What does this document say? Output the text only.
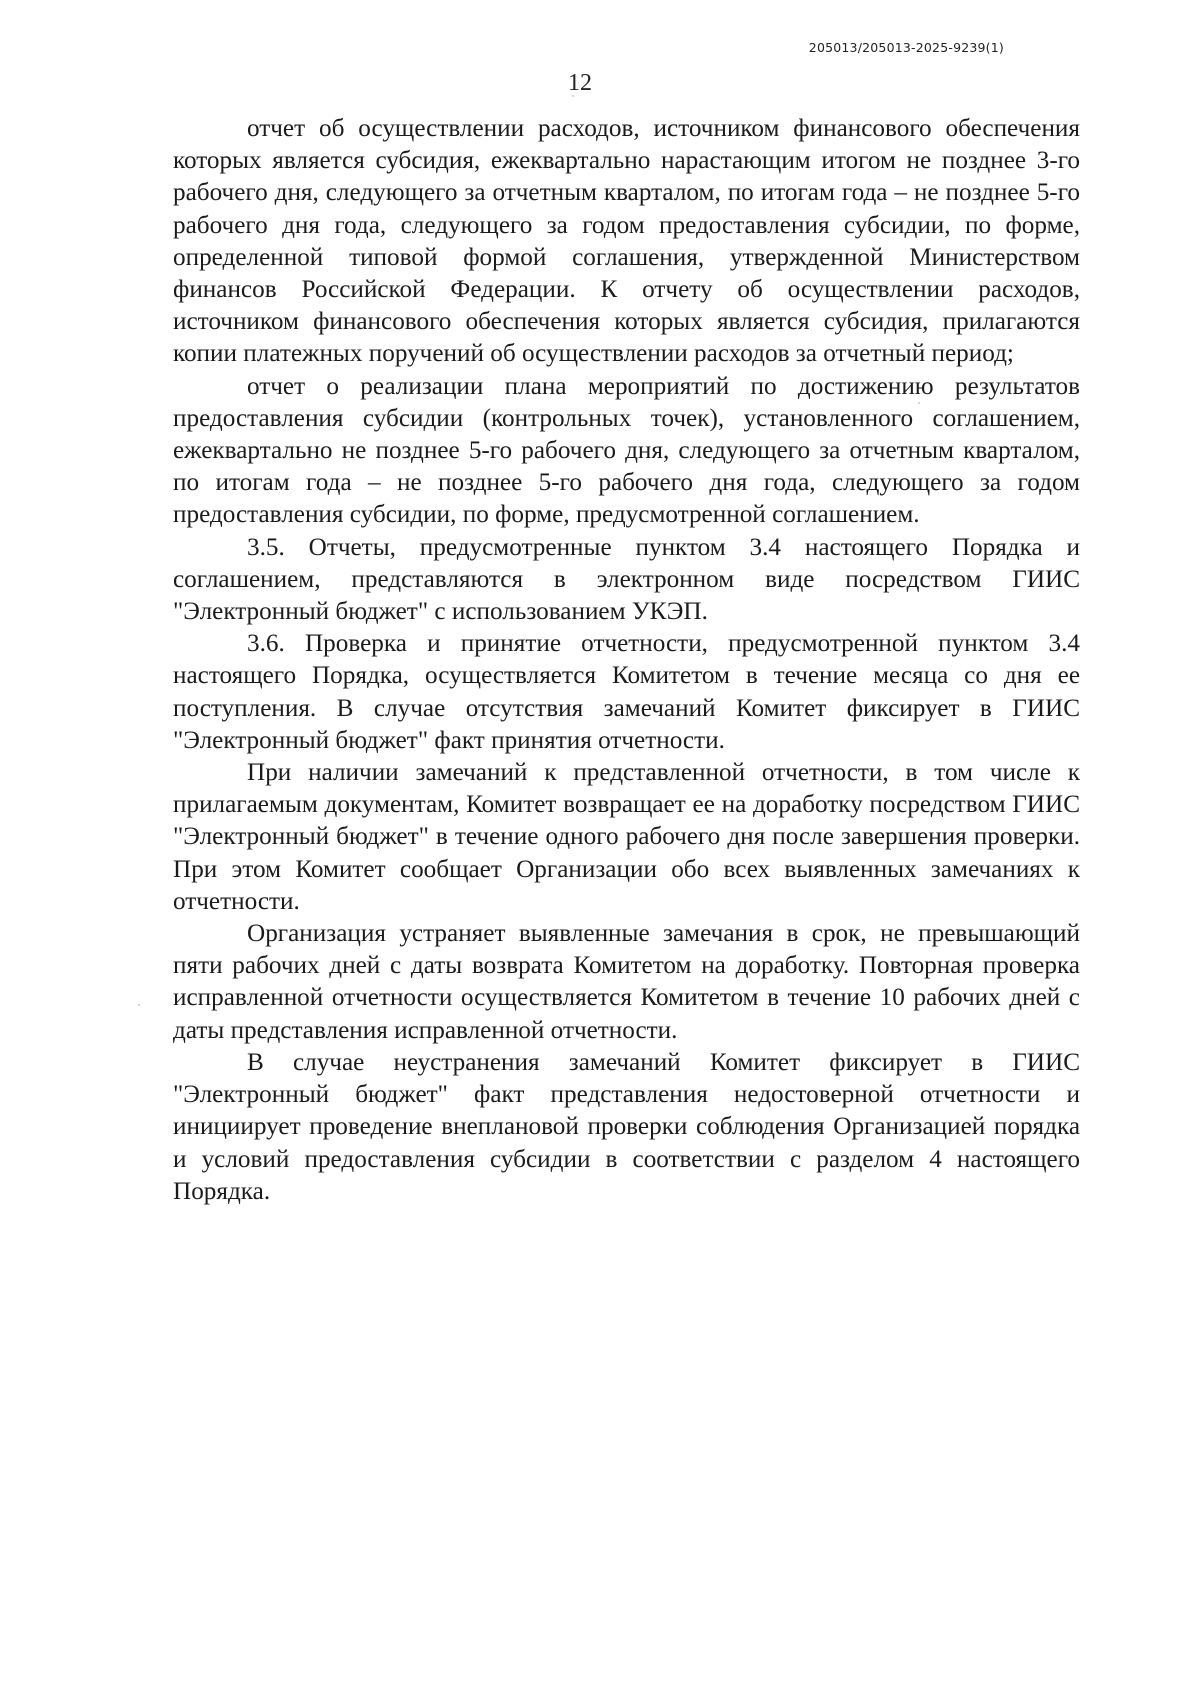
205013/205013-2025-9239(1)
12

отчет об осуществлении расходов, источником финансового обеспечения которых является субсидия, ежеквартально нарастающим итогом не позднее 3-го рабочего дня, следующего за отчетным кварталом, по итогам года – не позднее 5-го рабочего дня года, следующего за годом предоставления субсидии, по форме, определенной типовой формой соглашения, утвержденной Министерством финансов Российской Федерации. К отчету об осуществлении расходов, источником финансового обеспечения которых является субсидия, прилагаются копии платежных поручений об осуществлении расходов за отчетный период;

отчет о реализации плана мероприятий по достижению результатов предоставления субсидии (контрольных точек), установленного соглашением, ежеквартально не позднее 5-го рабочего дня, следующего за отчетным кварталом, по итогам года – не позднее 5-го рабочего дня года, следующего за годом предоставления субсидии, по форме, предусмотренной соглашением.

3.5. Отчеты, предусмотренные пунктом 3.4 настоящего Порядка и соглашением, представляются в электронном виде посредством ГИИС "Электронный бюджет" с использованием УКЭП.

3.6. Проверка и принятие отчетности, предусмотренной пунктом 3.4 настоящего Порядка, осуществляется Комитетом в течение месяца со дня ее поступления. В случае отсутствия замечаний Комитет фиксирует в ГИИС "Электронный бюджет" факт принятия отчетности.

При наличии замечаний к представленной отчетности, в том числе к прилагаемым документам, Комитет возвращает ее на доработку посредством ГИИС "Электронный бюджет" в течение одного рабочего дня после завершения проверки. При этом Комитет сообщает Организации обо всех выявленных замечаниях к отчетности.

Организация устраняет выявленные замечания в срок, не превышающий пяти рабочих дней с даты возврата Комитетом на доработку. Повторная проверка исправленной отчетности осуществляется Комитетом в течение 10 рабочих дней с даты представления исправленной отчетности.

В случае неустранения замечаний Комитет фиксирует в ГИИС "Электронный бюджет" факт представления недостоверной отчетности и инициирует проведение внеплановой проверки соблюдения Организацией порядка и условий предоставления субсидии в соответствии с разделом 4 настоящего Порядка.
